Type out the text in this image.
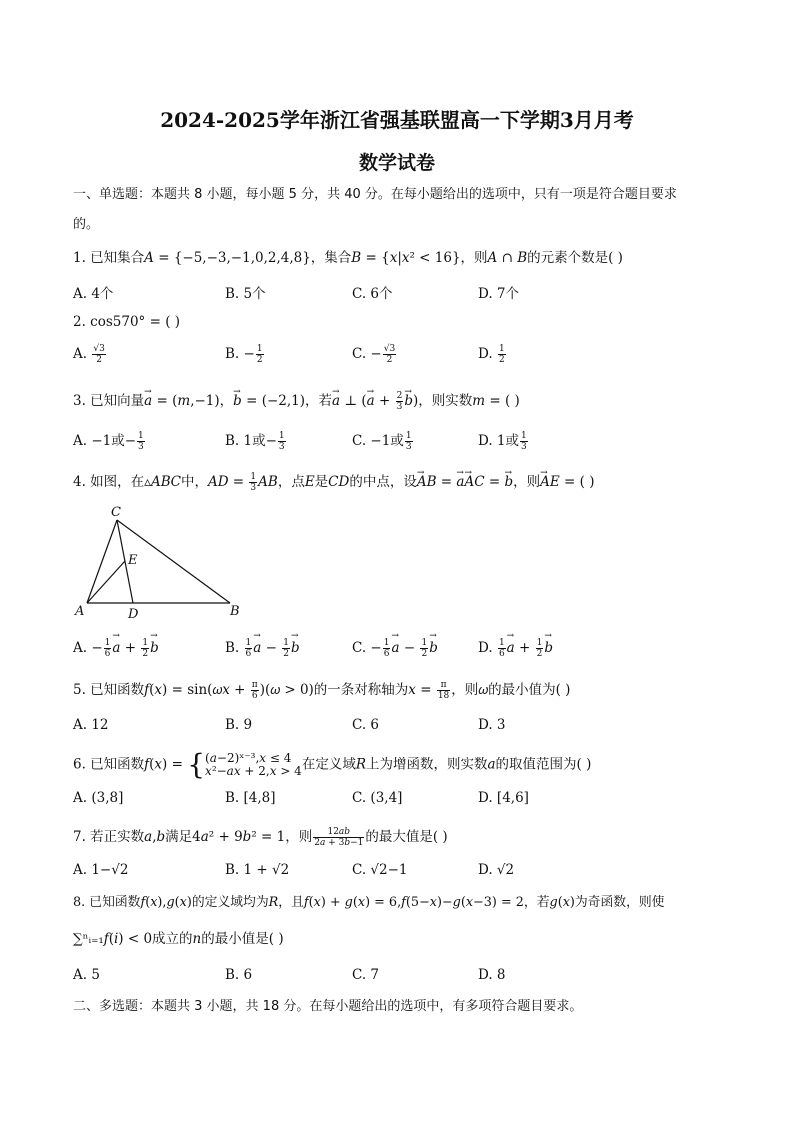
2024-2025学年浙江省强基联盟高一下学期3月月考
数学试卷
一、单选题：本题共 8 小题，每小题 5 分，共 40 分。在每小题给出的选项中，只有一项是符合题目要求
的。
1. 已知集合𝐴 = {−5,−3,−1,0,2,4,8}，集合𝐵 = {𝑥|𝑥² < 16}，则𝐴 ∩ 𝐵的元素个数是( )
A. 4个	B. 5个	C. 6个	D. 7个
2. cos570° = ( )
A. $\frac{√3}{2}$	B. − $\frac{1}{2}$	C. − $\frac{√3}{2}$	D. $\frac{1}{2}$
3. 已知向量→ 𝑎 = (𝑚,−1)，→ 𝑏 = (−2,1)，若→ 𝑎 ⊥ (→ 𝑎 + $\frac{2}{3}$ → 𝑏)，则实数𝑚 = ( )
A. −1或− $\frac{1}{3}$	B. 1或− $\frac{1}{3}$	C. −1或 $\frac{1}{3}$	D. 1或 $\frac{1}{3}$
4. 如图，在▵𝐴𝐵𝐶中，𝐴𝐷 = $\frac{1}{3}$ 𝐴𝐵，点𝐸是𝐶𝐷的中点，设→ 𝐴𝐵 = → 𝑎→ 𝐴𝐶 = → 𝑏，则→ 𝐴𝐸 = ( )
C
E
A	D	B
A. − $\frac{1}{6}$ → 𝑎 + $\frac{1}{2}$ → 𝑏	B. $\frac{1}{6}$ → 𝑎 − $\frac{1}{2}$ → 𝑏	C. − $\frac{1}{6}$ → 𝑎 − $\frac{1}{2}$ → 𝑏	D. $\frac{1}{6}$ → 𝑎 + $\frac{1}{2}$ → 𝑏
5. 已知函数𝑓(𝑥) = sin(𝜔𝑥 + $\frac{\pi}{6}$ )(𝜔 > 0)的一条对称轴为𝑥 = $\frac{\pi}{18}$ ，则𝜔的最小值为( )
A. 12	B. 9	C. 6	D. 3
6. 已知函数𝑓(𝑥) = { (𝑎−2)ˣ⁻³,𝑥 ≤ 4
𝑥²−𝑎𝑥 + 2,𝑥 > 4 在定义域𝑅上为增函数，则实数𝑎的取值范围为( )
A. (3,8]	B. [4,8]	C. (3,4]	D. [4,6]
7. 若正实数𝑎,𝑏满足4𝑎² + 9𝑏² = 1，则 $\frac{\text{12𝑎𝑏}}{\text{2𝑎 + 3𝑏−1}}$ 的最大值是( )
A. 1−√2	B. 1 + √2	C. √2−1	D. √2
8. 已知函数𝑓(𝑥),𝑔(𝑥)的定义域均为𝑅，且𝑓(𝑥) + 𝑔(𝑥) = 6,𝑓(5−𝑥)−𝑔(𝑥−3) = 2，若𝑔(𝑥)为奇函数，则使
∑ⁿᵢ₌₁𝑓(𝑖) < 0成立的𝑛的最小值是( )
A. 5	B. 6	C. 7	D. 8
二、多选题：本题共 3 小题，共 18 分。在每小题给出的选项中，有多项符合题目要求。
